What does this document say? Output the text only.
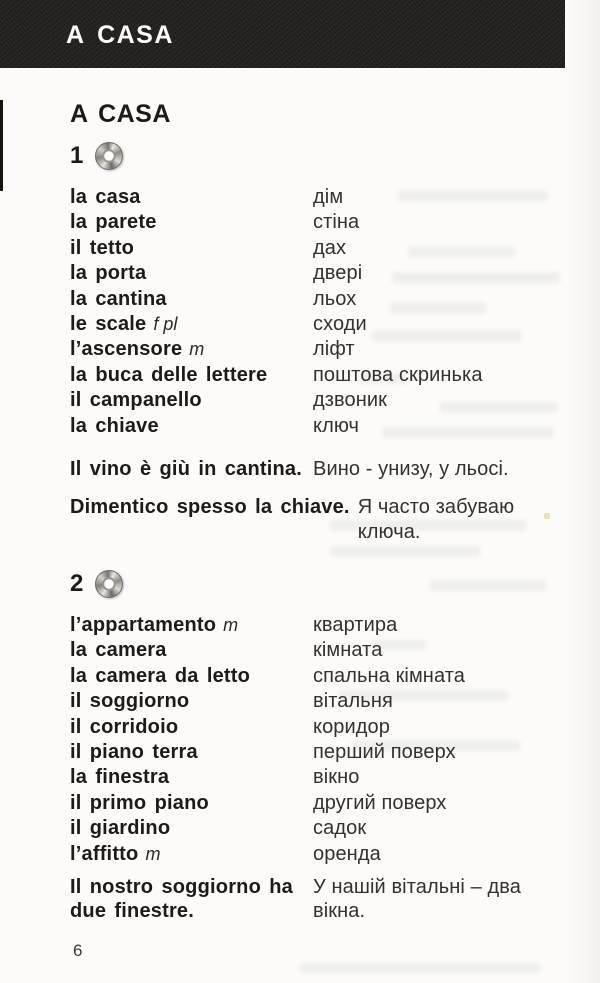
A CASA
A CASA
1
la casa	дім
la parete	стіна
il tetto	дах
la porta	двері
la cantina	льох
le scale f pl	сходи
l’ascensore m	ліфт
la buca delle lettere	поштова скринька
il campanello	дзвоник
la chiave	ключ
Il vino è giù in cantina. Вино - унизу, у льосі.
Dimentico spesso la chiave. Я часто забуваю ключа.
2
l’appartamento m	квартира
la camera	кімната
la camera da letto	спальна кімната
il soggiorno	вітальня
il corridoio	коридор
il piano terra	перший поверх
la finestra	вікно
il primo piano	другий поверх
il giardino	садок
l’affitto m	оренда
Il nostro soggiorno ha due finestre.
У нашій вітальні – два вікна.
6
